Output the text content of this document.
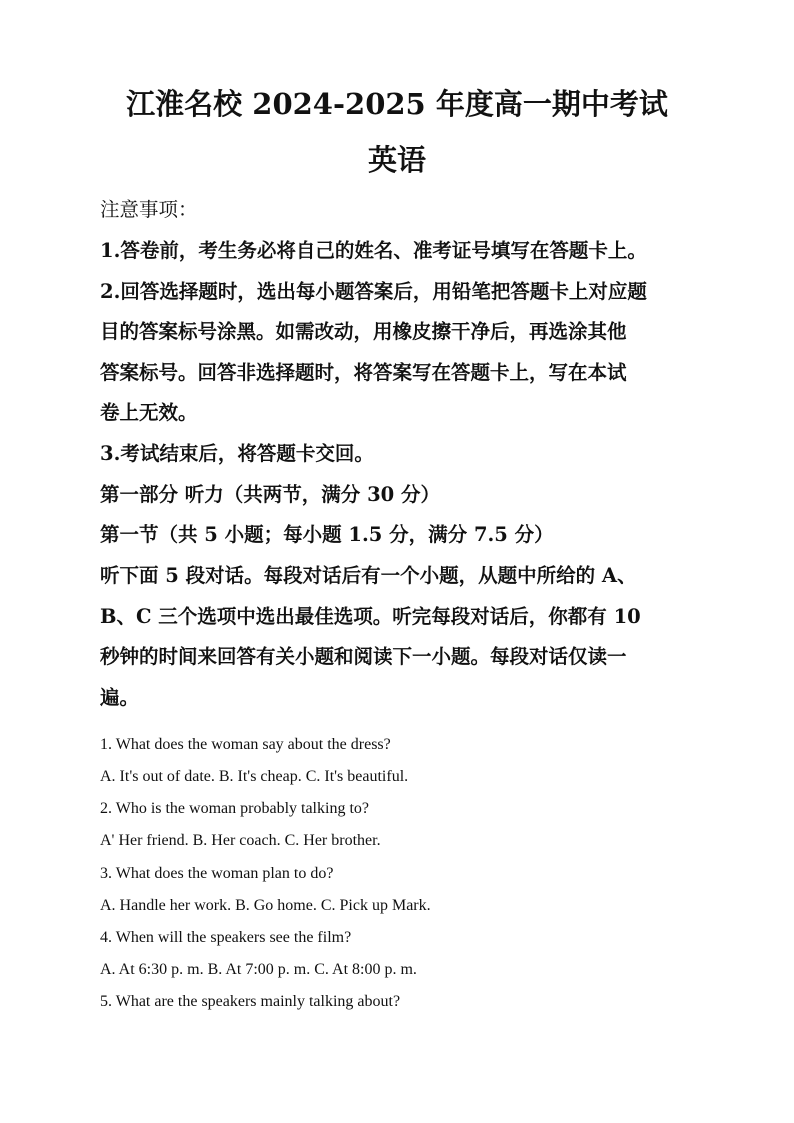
江淮名校 2024-2025 年度高一期中考试
英语
注意事项：
1.答卷前，考生务必将自己的姓名、准考证号填写在答题卡上。
2.回答选择题时，选出每小题答案后，用铅笔把答题卡上对应题
目的答案标号涂黑。如需改动，用橡皮擦干净后，再选涂其他
答案标号。回答非选择题时，将答案写在答题卡上，写在本试
卷上无效。
3.考试结束后，将答题卡交回。
第一部分 听力（共两节，满分 30 分）
第一节（共 5 小题；每小题 1.5 分，满分 7.5 分）
听下面 5 段对话。每段对话后有一个小题，从题中所给的 A、
B、C 三个选项中选出最佳选项。听完每段对话后，你都有 10
秒钟的时间来回答有关小题和阅读下一小题。每段对话仅读一
遍。
1. What does the woman say about the dress?
A. It's out of date. B. It's cheap. C. It's beautiful.
2. Who is the woman probably talking to?
A' Her friend. B. Her coach. C. Her brother.
3. What does the woman plan to do?
A. Handle her work. B. Go home. C. Pick up Mark.
4. When will the speakers see the film?
A. At 6:30 p. m. B. At 7:00 p. m. C. At 8:00 p. m.
5. What are the speakers mainly talking about?
